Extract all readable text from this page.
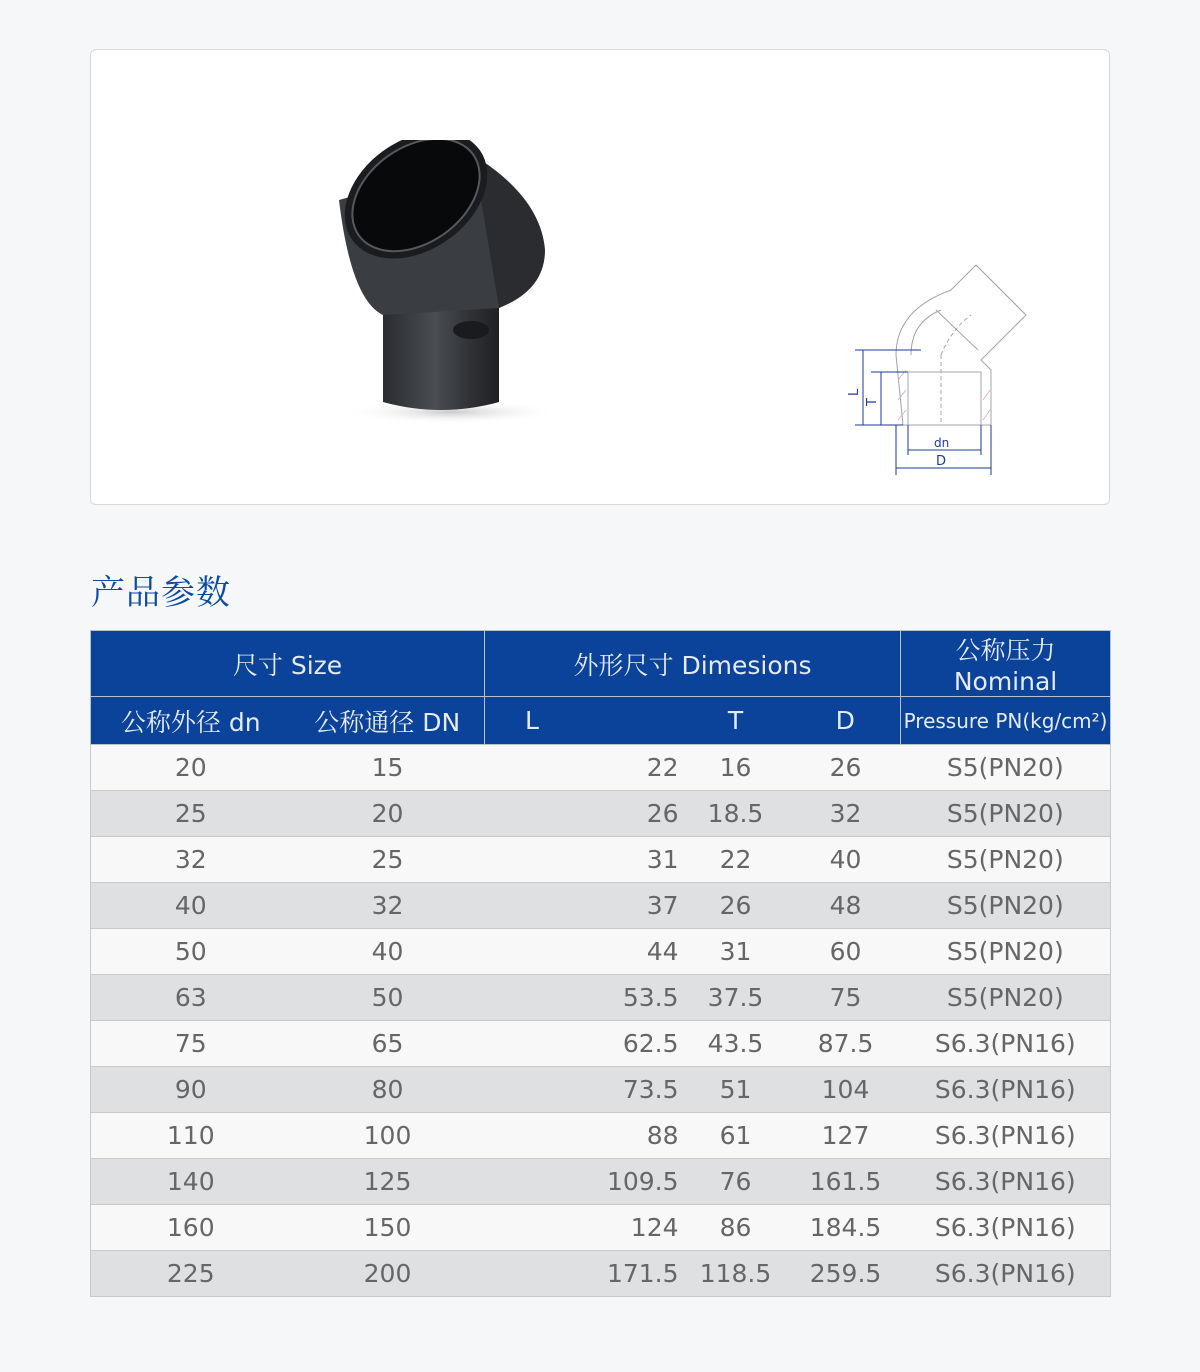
L
T
dn
D
产品参数
尺寸 Size		外形尺寸 Dimesions			公称压力 Nominal
公称外径 dn	公称通径 DN	L	T	D	Pressure PN(kg/cm²)
20	15	22	16	26	S5(PN20)
25	20	26	18.5	32	S5(PN20)
32	25	31	22	40	S5(PN20)
40	32	37	26	48	S5(PN20)
50	40	44	31	60	S5(PN20)
63	50	53.5	37.5	75	S5(PN20)
75	65	62.5	43.5	87.5	S6.3(PN16)
90	80	73.5	51	104	S6.3(PN16)
110	100	88	61	127	S6.3(PN16)
140	125	109.5	76	161.5	S6.3(PN16)
160	150	124	86	184.5	S6.3(PN16)
225	200	171.5	118.5	259.5	S6.3(PN16)
